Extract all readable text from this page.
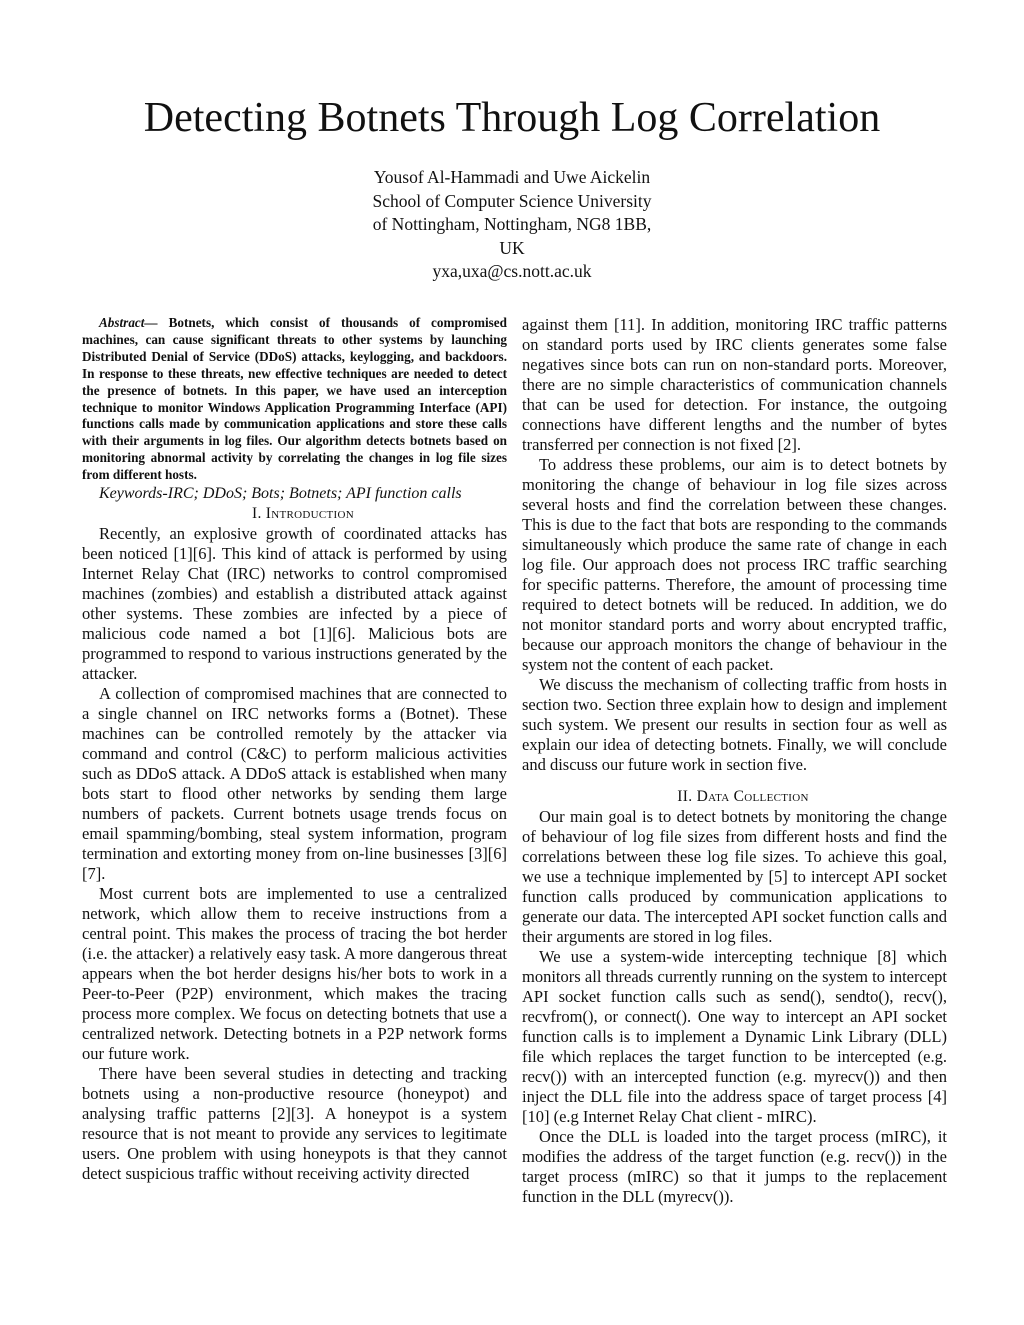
Detecting Botnets Through Log Correlation
Yousof Al-Hammadi and Uwe Aickelin
School of Computer Science University
of Nottingham, Nottingham, NG8 1BB,
UK
yxa,uxa@cs.nott.ac.uk

Abstract— Botnets, which consist of thousands of compromised machines, can cause significant threats to other systems by launching Distributed Denial of Service (DDoS) attacks, keylogging, and backdoors. In response to these threats, new effective techniques are needed to detect the presence of botnets. In this paper, we have used an interception technique to monitor Windows Application Programming Interface (API) functions calls made by communication applications and store these calls with their arguments in log files. Our algorithm detects botnets based on monitoring abnormal activity by correlating the changes in log file sizes from different hosts.

Keywords-IRC; DDoS; Bots; Botnets; API function calls

I. Introduction

Recently, an explosive growth of coordinated attacks has been noticed [1][6]. This kind of attack is performed by using Internet Relay Chat (IRC) networks to control compromised machines (zombies) and establish a distributed attack against other systems. These zombies are infected by a piece of malicious code named a bot [1][6]. Malicious bots are programmed to respond to various instructions generated by the attacker.

A collection of compromised machines that are connected to a single channel on IRC networks forms a (Botnet). These machines can be controlled remotely by the attacker via command and control (C&C) to perform malicious activities such as DDoS attack. A DDoS attack is established when many bots start to flood other networks by sending them large numbers of packets. Current botnets usage trends focus on email spamming/bombing, steal system information, program termination and extorting money from on-line businesses [3][6][7].

Most current bots are implemented to use a centralized network, which allow them to receive instructions from a central point. This makes the process of tracing the bot herder (i.e. the attacker) a relatively easy task. A more dangerous threat appears when the bot herder designs his/her bots to work in a Peer-to-Peer (P2P) environment, which makes the tracing process more complex. We focus on detecting botnets that use a centralized network. Detecting botnets in a P2P network forms our future work.

There have been several studies in detecting and tracking botnets using a non-productive resource (honeypot) and analysing traffic patterns [2][3]. A honeypot is a system resource that is not meant to provide any services to legitimate users. One problem with using honeypots is that they cannot detect suspicious traffic without receiving activity directed

against them [11]. In addition, monitoring IRC traffic patterns on standard ports used by IRC clients generates some false negatives since bots can run on non-standard ports. Moreover, there are no simple characteristics of communication channels that can be used for detection. For instance, the outgoing connections have different lengths and the number of bytes transferred per connection is not fixed [2].

To address these problems, our aim is to detect botnets by monitoring the change of behaviour in log file sizes across several hosts and find the correlation between these changes. This is due to the fact that bots are responding to the commands simultaneously which produce the same rate of change in each log file. Our approach does not process IRC traffic searching for specific patterns. Therefore, the amount of processing time required to detect botnets will be reduced. In addition, we do not monitor standard ports and worry about encrypted traffic, because our approach monitors the change of behaviour in the system not the content of each packet.

We discuss the mechanism of collecting traffic from hosts in section two. Section three explain how to design and implement such system. We present our results in section four as well as explain our idea of detecting botnets. Finally, we will conclude and discuss our future work in section five.

II. Data Collection

Our main goal is to detect botnets by monitoring the change of behaviour of log file sizes from different hosts and find the correlations between these log file sizes. To achieve this goal, we use a technique implemented by [5] to intercept API socket function calls produced by communication applications to generate our data. The intercepted API socket function calls and their arguments are stored in log files.

We use a system-wide intercepting technique [8] which monitors all threads currently running on the system to intercept API socket function calls such as send(), sendto(), recv(), recvfrom(), or connect(). One way to intercept an API socket function calls is to implement a Dynamic Link Library (DLL) file which replaces the target function to be intercepted (e.g. recv()) with an intercepted function (e.g. myrecv()) and then inject the DLL file into the address space of target process [4][10] (e.g Internet Relay Chat client - mIRC).

Once the DLL is loaded into the target process (mIRC), it modifies the address of the target function (e.g. recv()) in the target process (mIRC) so that it jumps to the replacement function in the DLL (myrecv()).
